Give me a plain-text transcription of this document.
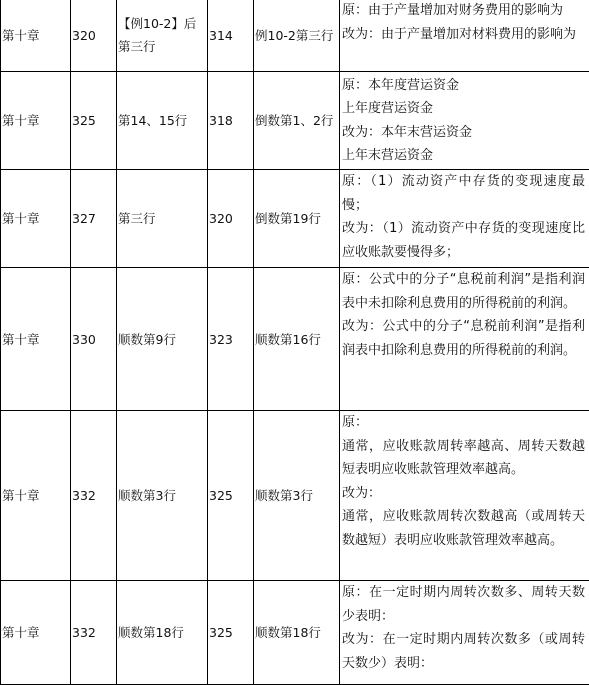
第十章	320	【例10-2】后第三行	314	例10-2第三行	原：由于产量增加对财务费用的影响为
改为：由于产量增加对材料费用的影响为

第十章	325	第14、15行	318	倒数第1、2行	原：本年度营运资金
上年度营运资金
改为：本年末营运资金
上年末营运资金

第十章	327	第三行	320	倒数第19行	原：（1）流动资产中存货的变现速度最慢；
改为：（1）流动资产中存货的变现速度比应收账款要慢得多；

第十章	330	顺数第9行	323	顺数第16行	原：公式中的分子“息税前利润”是指利润表中未扣除利息费用的所得税前的利润。
改为：公式中的分子“息税前利润”是指利润表中扣除利息费用的所得税前的利润。

第十章	332	顺数第3行	325	顺数第3行	原：
通常，应收账款周转率越高、周转天数越短表明应收账款管理效率越高。
改为：
通常，应收账款周转次数越高（或周转天数越短）表明应收账款管理效率越高。

第十章	332	顺数第18行	325	顺数第18行	原：在一定时期内周转次数多、周转天数少表明：
改为：在一定时期内周转次数多（或周转天数少）表明：
